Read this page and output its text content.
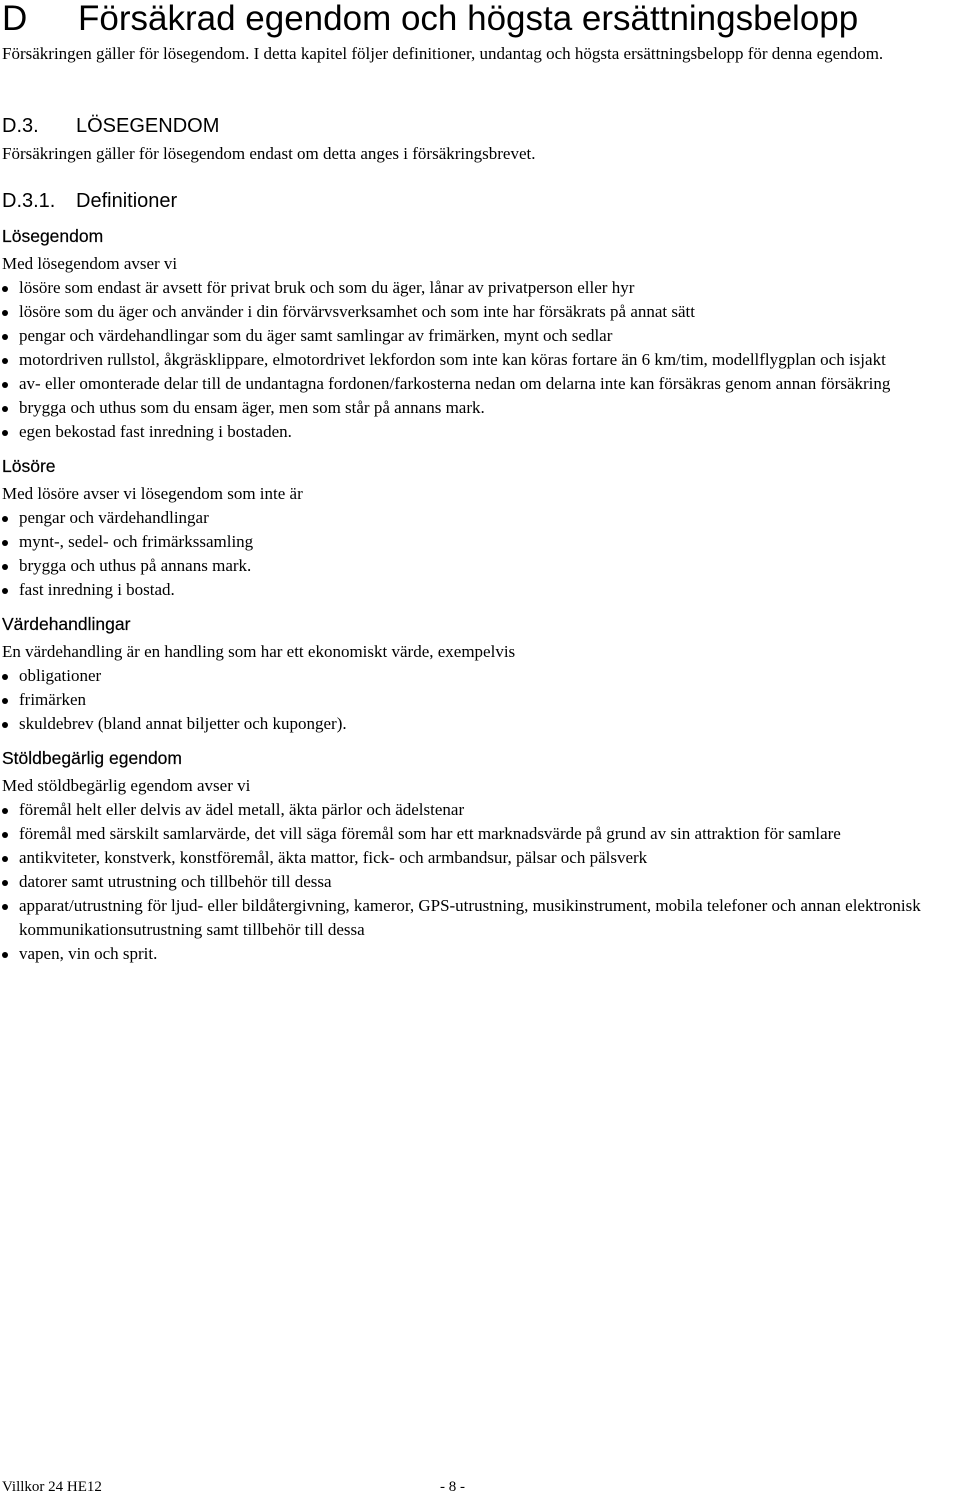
D Försäkrad egendom och högsta ersättningsbelopp
Försäkringen gäller för lösegendom. I detta kapitel följer definitioner, undantag och högsta ersättningsbelopp för denna egendom.
D.3. LÖSEGENDOM
Försäkringen gäller för lösegendom endast om detta anges i försäkringsbrevet.
D.3.1. Definitioner
Lösegendom
Med lösegendom avser vi
lösöre som endast är avsett för privat bruk och som du äger, lånar av privatperson eller hyr
lösöre som du äger och använder i din förvärvsverksamhet och som inte har försäkrats på annat sätt
pengar och värdehandlingar som du äger samt samlingar av frimärken, mynt och sedlar
motordriven rullstol, åkgräsklippare, elmotordrivet lekfordon som inte kan köras fortare än 6 km/tim, modellflygplan och isjakt
av- eller omonterade delar till de undantagna fordonen/farkosterna nedan om delarna inte kan försäkras genom annan försäkring
brygga och uthus som du ensam äger, men som står på annans mark.
egen bekostad fast inredning i bostaden.
Lösöre
Med lösöre avser vi lösegendom som inte är
pengar och värdehandlingar
mynt-, sedel- och frimärkssamling
brygga och uthus på annans mark.
fast inredning i bostad.
Värdehandlingar
En värdehandling är en handling som har ett ekonomiskt värde, exempelvis
obligationer
frimärken
skuldebrev (bland annat biljetter och kuponger).
Stöldbegärlig egendom
Med stöldbegärlig egendom avser vi
föremål helt eller delvis av ädel metall, äkta pärlor och ädelstenar
föremål med särskilt samlarvärde, det vill säga föremål som har ett marknadsvärde på grund av sin attraktion för samlare
antikviteter, konstverk, konstföremål, äkta mattor, fick- och armbandsur, pälsar och pälsverk
datorer samt utrustning och tillbehör till dessa
apparat/utrustning för ljud- eller bildåtergivning, kameror, GPS-utrustning, musikinstrument, mobila telefoner och annan elektronisk kommunikationsutrustning samt tillbehör till dessa
vapen, vin och sprit.
Villkor 24 HE12	- 8 -
